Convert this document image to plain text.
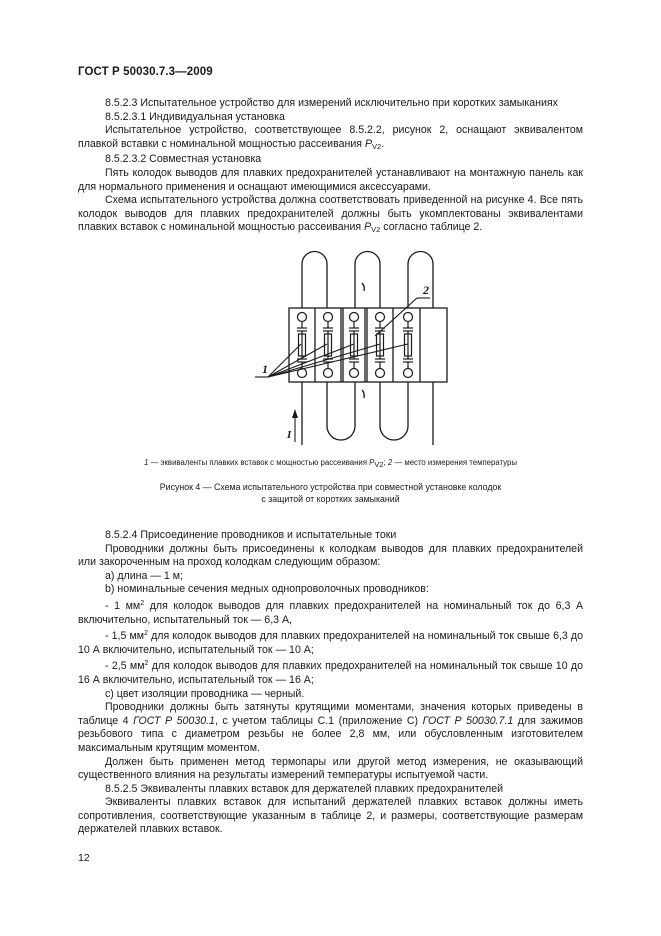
ГОСТ Р 50030.7.3—2009

8.5.2.3 Испытательное устройство для измерений исключительно при коротких замыканиях

8.5.2.3.1 Индивидуальная установка

Испытательное устройство, соответствующее 8.5.2.2, рисунок 2, оснащают эквивалентом плавкой вставки с номинальной мощностью рассеивания $P_{V2}$.

8.5.2.3.2 Совместная установка

Пять колодок выводов для плавких предохранителей устанавливают на монтажную панель как для нормального применения и оснащают имеющимися аксессуарами.

Схема испытательного устройства должна соответствовать приведенной на рисунке 4. Все пять колодок выводов для плавких предохранителей должны быть укомплектованы эквивалентами плавких вставок с номинальной мощностью рассеивания $P_{V2}$ согласно таблице 2.

1
2
I
1 — эквиваленты плавких вставок с мощностью рассеивания PV2; 2 — место измерения температуры
Рисунок 4 — Схема испытательного устройства при совместной установке колодок
с защитой от коротких замыканий

8.5.2.4 Присоединение проводников и испытательные токи

Проводники должны быть присоединены к колодкам выводов для плавких предохранителей или закороченным на проход колодкам следующим образом:

а) длина — 1 м;

b) номинальные сечения медных однопроволочных проводников:

- 1 $мм^2$ для колодок выводов для плавких предохранителей на номинальный ток до 6,3 А включительно, испытательный ток — 6,3 А,

- 1,5 $мм^2$ для колодок выводов для плавких предохранителей на номинальный ток свыше 6,3 до 10 А включительно, испытательный ток — 10 А;

- 2,5 $мм^2$ для колодок выводов для плавких предохранителей на номинальный ток свыше 10 до 16 А включительно, испытательный ток — 16 А;

c) цвет изоляции проводника — черный.

Проводники должны быть затянуты крутящими моментами, значения которых приведены в таблице 4 ГОСТ Р 50030.1, с учетом таблицы С.1 (приложение С) ГОСТ Р 50030.7.1 для зажимов резьбового типа с диаметром резьбы не более 2,8 мм, или обусловленным изготовителем максимальным крутящим моментом.

Должен быть применен метод термопары или другой метод измерения, не оказывающий существенного влияния на результаты измерений температуры испытуемой части.

8.5.2.5 Эквиваленты плавких вставок для держателей плавких предохранителей

Эквиваленты плавких вставок для испытаний держателей плавких вставок должны иметь сопротивления, соответствующие указанным в таблице 2, и размеры, соответствующие размерам держателей плавких вставок.

12
